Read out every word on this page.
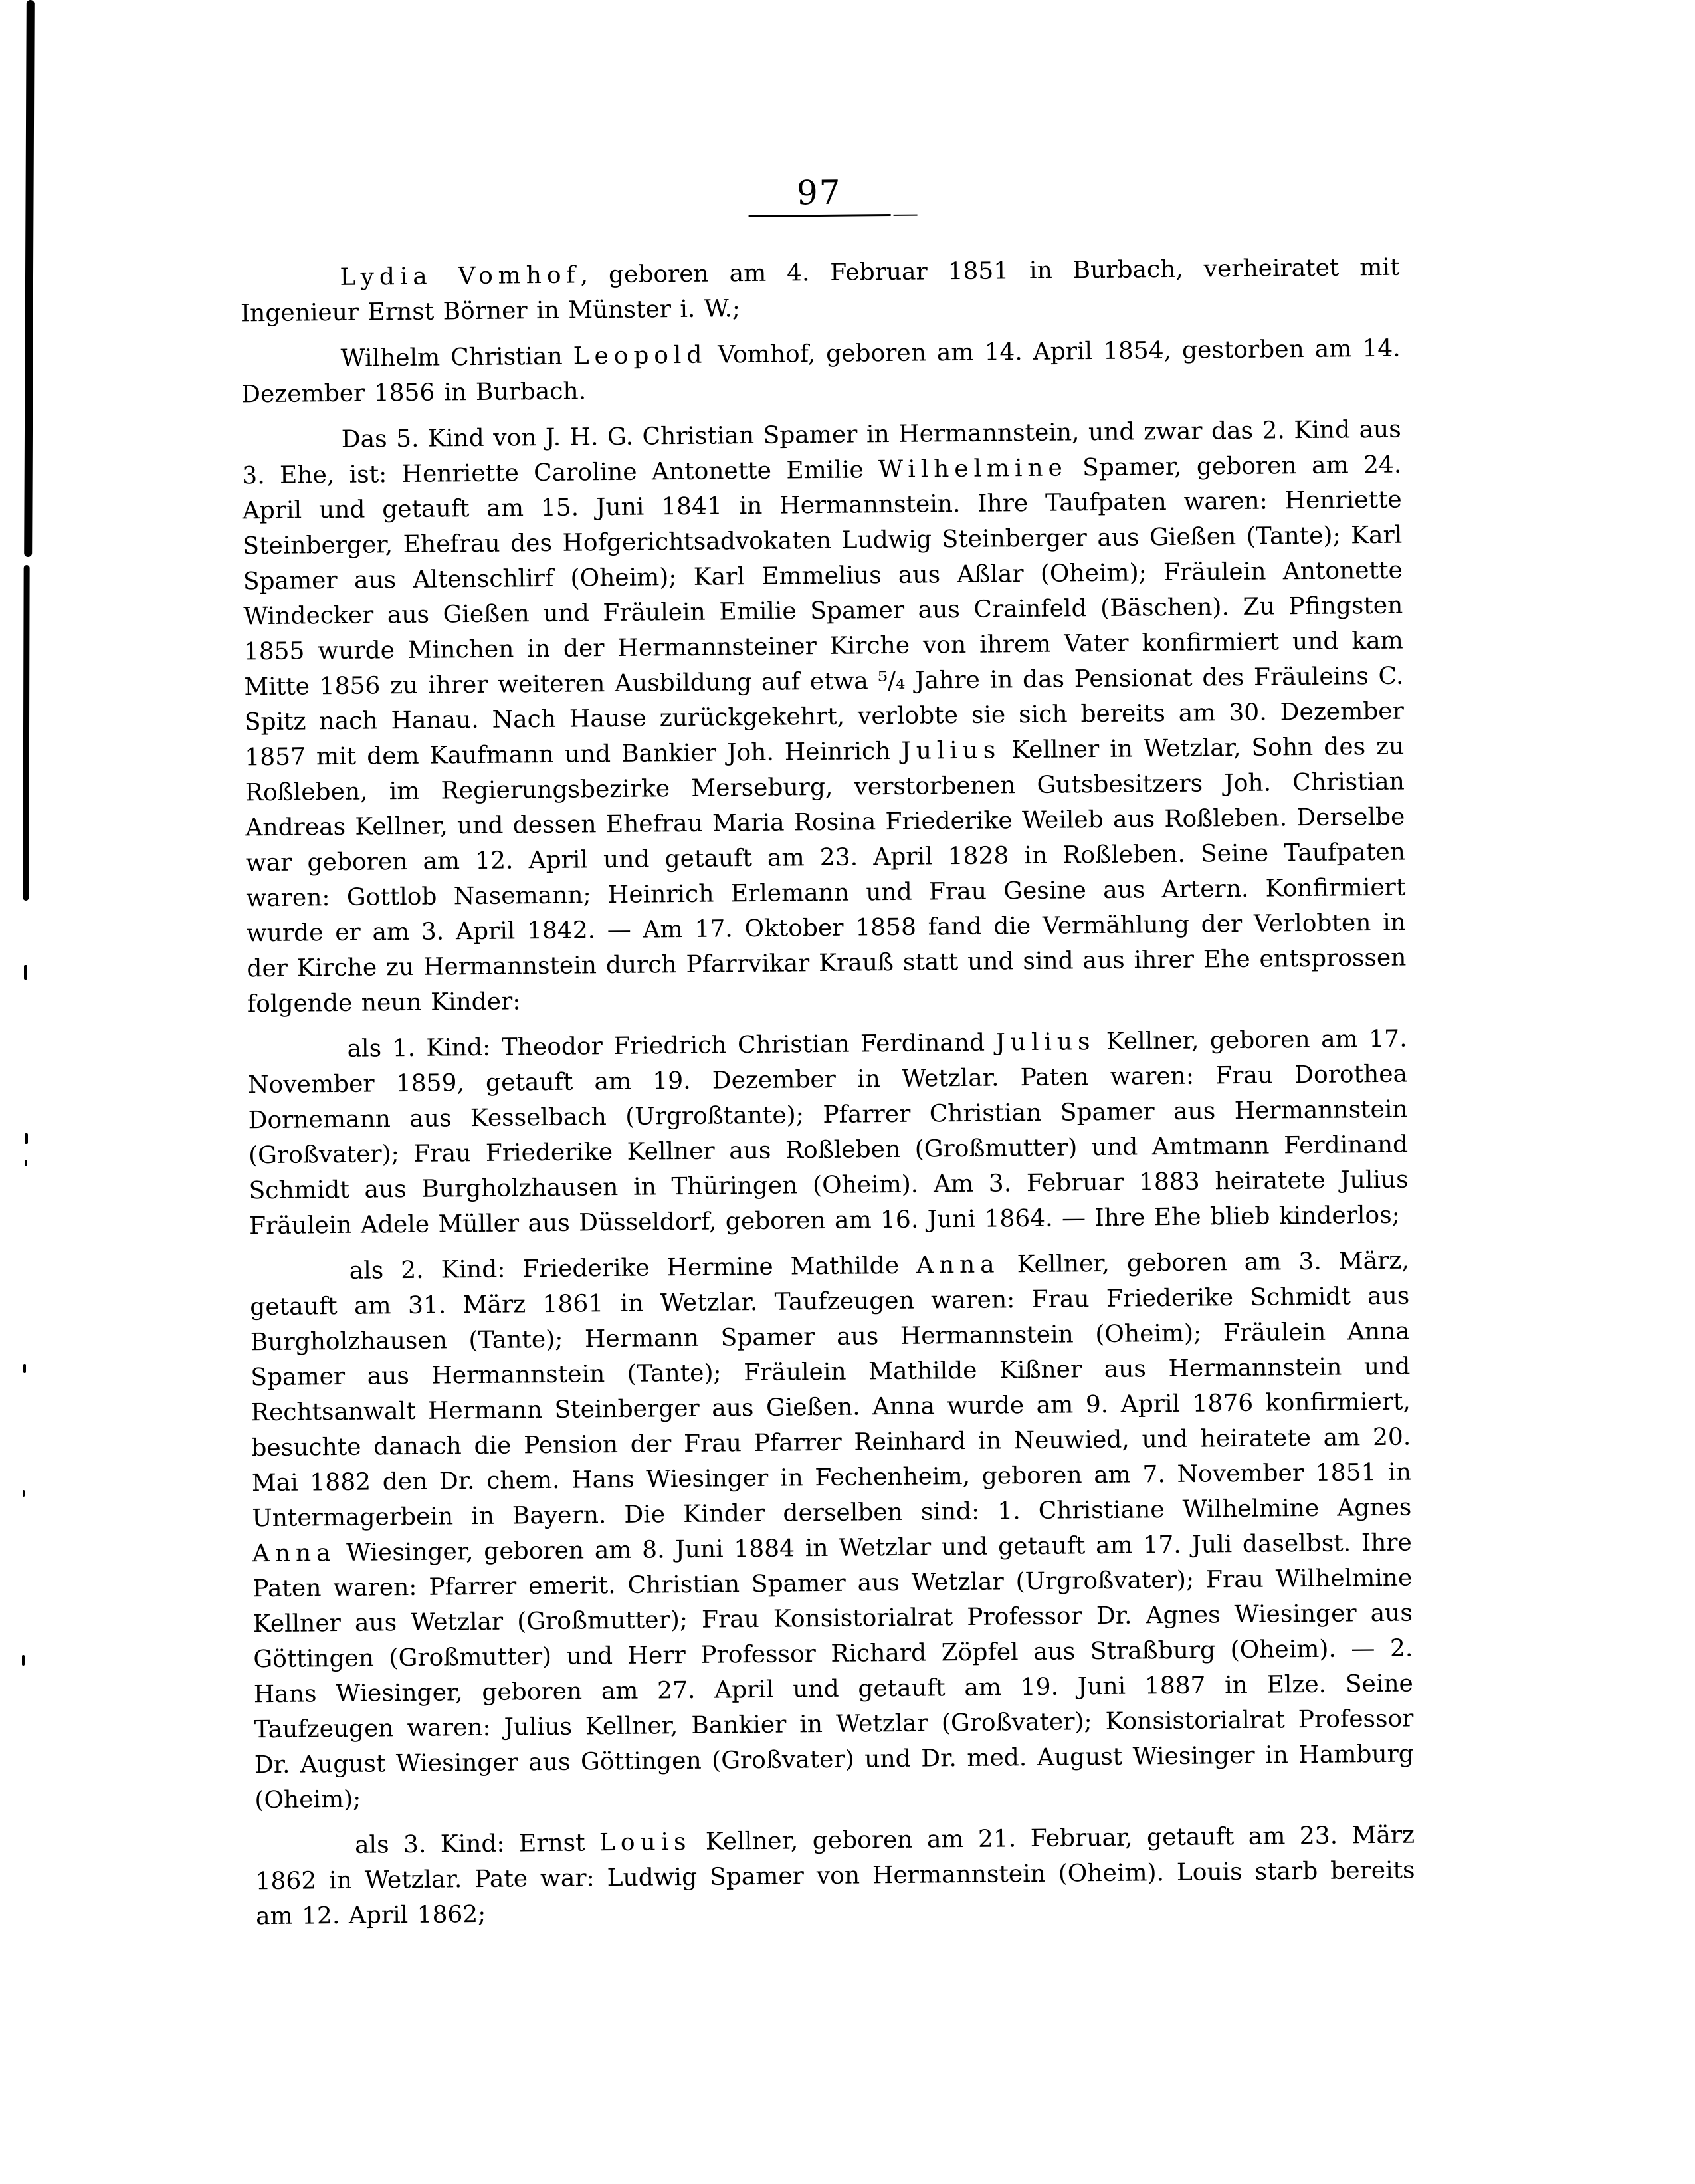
97

Lydia Vomhof, geboren am 4. Februar 1851 in Burbach, verheiratet mit Ingenieur Ernst Börner in Münster i. W.;

Wilhelm Christian Leopold Vomhof, geboren am 14. April 1854, gestorben am 14. Dezember 1856 in Burbach.

Das 5. Kind von J. H. G. Christian Spamer in Hermannstein, und zwar das 2. Kind aus 3. Ehe, ist: Henriette Caroline Antonette Emilie Wilhelmine Spamer, geboren am 24. April und getauft am 15. Juni 1841 in Hermannstein. Ihre Taufpaten waren: Henriette Steinberger, Ehefrau des Hofgerichtsadvokaten Ludwig Steinberger aus Gießen (Tante); Karl Spamer aus Altenschlirf (Oheim); Karl Emmelius aus Aßlar (Oheim); Fräulein Antonette Windecker aus Gießen und Fräulein Emilie Spamer aus Crainfeld (Bäschen). Zu Pfingsten 1855 wurde Minchen in der Hermannsteiner Kirche von ihrem Vater konfirmiert und kam Mitte 1856 zu ihrer weiteren Ausbildung auf etwa ⁵/₄ Jahre in das Pensionat des Fräuleins C. Spitz nach Hanau. Nach Hause zurückgekehrt, verlobte sie sich bereits am 30. Dezember 1857 mit dem Kaufmann und Bankier Joh. Heinrich Julius Kellner in Wetzlar, Sohn des zu Roßleben, im Regierungsbezirke Merseburg, verstorbenen Gutsbesitzers Joh. Christian Andreas Kellner, und dessen Ehefrau Maria Rosina Friederike Weileb aus Roßleben. Derselbe war geboren am 12. April und getauft am 23. April 1828 in Roßleben. Seine Taufpaten waren: Gottlob Nasemann; Heinrich Erlemann und Frau Gesine aus Artern. Konfirmiert wurde er am 3. April 1842. — Am 17. Oktober 1858 fand die Vermählung der Verlobten in der Kirche zu Hermannstein durch Pfarrvikar Krauß statt und sind aus ihrer Ehe entsprossen folgende neun Kinder:

als 1. Kind: Theodor Friedrich Christian Ferdinand Julius Kellner, geboren am 17. November 1859, getauft am 19. Dezember in Wetzlar. Paten waren: Frau Dorothea Dornemann aus Kesselbach (Urgroßtante); Pfarrer Christian Spamer aus Hermannstein (Großvater); Frau Friederike Kellner aus Roßleben (Großmutter) und Amtmann Ferdinand Schmidt aus Burgholzhausen in Thüringen (Oheim). Am 3. Februar 1883 heiratete Julius Fräulein Adele Müller aus Düsseldorf, geboren am 16. Juni 1864. — Ihre Ehe blieb kinderlos;

als 2. Kind: Friederike Hermine Mathilde Anna Kellner, geboren am 3. März, getauft am 31. März 1861 in Wetzlar. Taufzeugen waren: Frau Friederike Schmidt aus Burgholzhausen (Tante); Hermann Spamer aus Hermannstein (Oheim); Fräulein Anna Spamer aus Hermannstein (Tante); Fräulein Mathilde Kißner aus Hermannstein und Rechtsanwalt Hermann Steinberger aus Gießen. Anna wurde am 9. April 1876 konfirmiert, besuchte danach die Pension der Frau Pfarrer Reinhard in Neuwied, und heiratete am 20. Mai 1882 den Dr. chem. Hans Wiesinger in Fechenheim, geboren am 7. November 1851 in Untermagerbein in Bayern. Die Kinder derselben sind: 1. Christiane Wilhelmine Agnes Anna Wiesinger, geboren am 8. Juni 1884 in Wetzlar und getauft am 17. Juli daselbst. Ihre Paten waren: Pfarrer emerit. Christian Spamer aus Wetzlar (Urgroßvater); Frau Wilhelmine Kellner aus Wetzlar (Großmutter); Frau Konsistorialrat Professor Dr. Agnes Wiesinger aus Göttingen (Großmutter) und Herr Professor Richard Zöpfel aus Straßburg (Oheim). — 2. Hans Wiesinger, geboren am 27. April und getauft am 19. Juni 1887 in Elze. Seine Taufzeugen waren: Julius Kellner, Bankier in Wetzlar (Großvater); Konsistorialrat Professor Dr. August Wiesinger aus Göttingen (Großvater) und Dr. med. August Wiesinger in Hamburg (Oheim);

als 3. Kind: Ernst Louis Kellner, geboren am 21. Februar, getauft am 23. März 1862 in Wetzlar. Pate war: Ludwig Spamer von Hermannstein (Oheim). Louis starb bereits am 12. April 1862;
